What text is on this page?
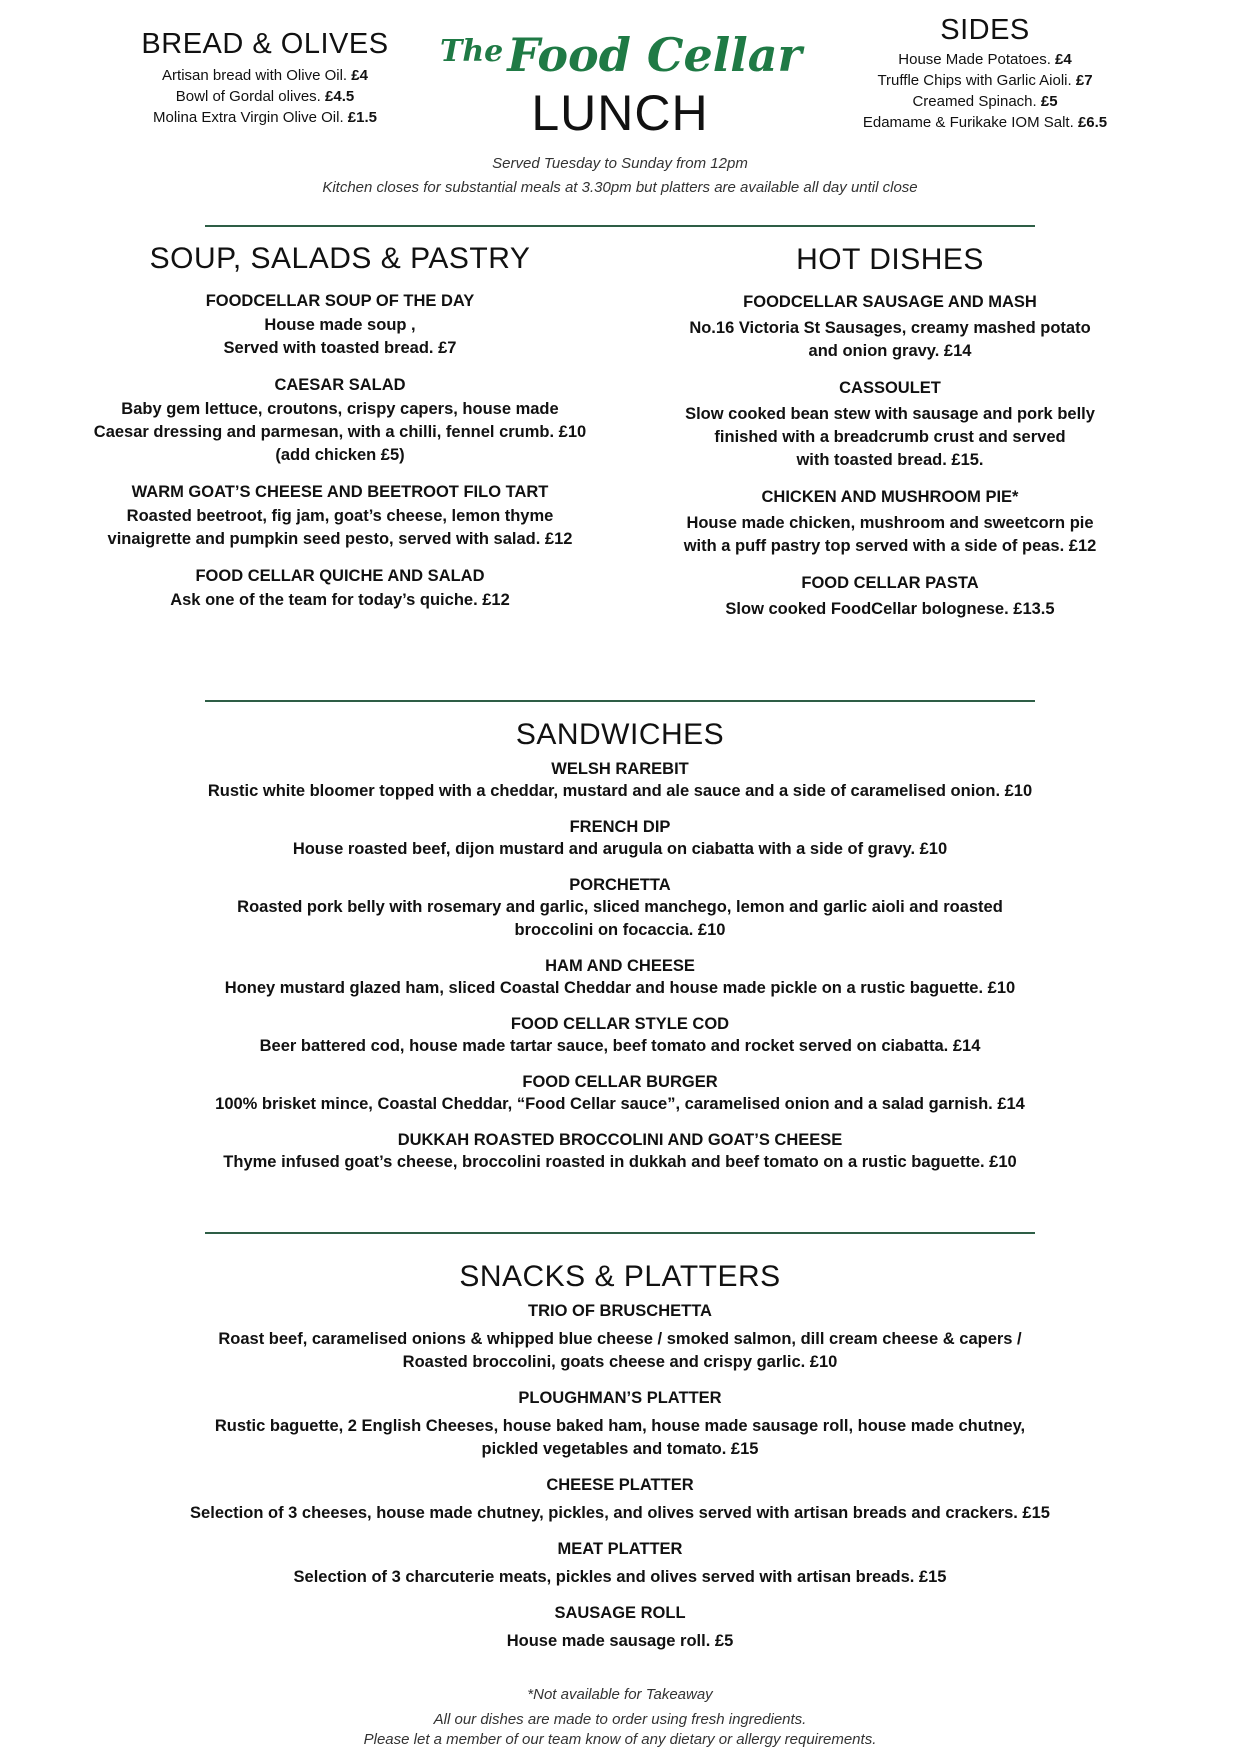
BREAD & OLIVES
Artisan bread with Olive Oil. £4
Bowl of Gordal olives. £4.5
Molina Extra Virgin Olive Oil. £1.5
$^{The}$Food Cellar
LUNCH
Served Tuesday to Sunday from 12pm
Kitchen closes for substantial meals at 3.30pm but platters are available all day until close
SIDES
House Made Potatoes. £4
Truffle Chips with Garlic Aioli. £7
Creamed Spinach. £5
Edamame & Furikake IOM Salt. £6.5
SOUP, SALADS & PASTRY
FOODCELLAR SOUP OF THE DAY
House made soup ,
Served with toasted bread. £7
CAESAR SALAD
Baby gem lettuce, croutons, crispy capers, house made
Caesar dressing and parmesan, with a chilli, fennel crumb. £10
(add chicken £5)
WARM GOAT’S CHEESE AND BEETROOT FILO TART
Roasted beetroot, fig jam, goat’s cheese, lemon thyme
vinaigrette and pumpkin seed pesto, served with salad. £12
FOOD CELLAR QUICHE AND SALAD
Ask one of the team for today’s quiche. £12
HOT DISHES
FOODCELLAR SAUSAGE AND MASH
No.16 Victoria St Sausages, creamy mashed potato
and onion gravy. £14
CASSOULET
Slow cooked bean stew with sausage and pork belly
finished with a breadcrumb crust and served
with toasted bread. £15.
CHICKEN AND MUSHROOM PIE*
House made chicken, mushroom and sweetcorn pie
with a puff pastry top served with a side of peas. £12
FOOD CELLAR PASTA
Slow cooked FoodCellar bolognese. £13.5
SANDWICHES
WELSH RAREBIT
Rustic white bloomer topped with a cheddar, mustard and ale sauce and a side of caramelised onion. £10
FRENCH DIP
House roasted beef, dijon mustard and arugula on ciabatta with a side of gravy. £10
PORCHETTA
Roasted pork belly with rosemary and garlic, sliced manchego, lemon and garlic aioli and roasted
broccolini on focaccia. £10
HAM AND CHEESE
Honey mustard glazed ham, sliced Coastal Cheddar and house made pickle on a rustic baguette. £10
FOOD CELLAR STYLE COD
Beer battered cod, house made tartar sauce, beef tomato and rocket served on ciabatta. £14
FOOD CELLAR BURGER
100% brisket mince, Coastal Cheddar, “Food Cellar sauce”, caramelised onion and a salad garnish. £14
DUKKAH ROASTED BROCCOLINI AND GOAT’S CHEESE
Thyme infused goat’s cheese, broccolini roasted in dukkah and beef tomato on a rustic baguette. £10
SNACKS & PLATTERS
TRIO OF BRUSCHETTA
Roast beef, caramelised onions & whipped blue cheese / smoked salmon, dill cream cheese & capers /
Roasted broccolini, goats cheese and crispy garlic. £10
PLOUGHMAN’S PLATTER
Rustic baguette, 2 English Cheeses, house baked ham, house made sausage roll, house made chutney,
pickled vegetables and tomato. £15
CHEESE PLATTER
Selection of 3 cheeses, house made chutney, pickles, and olives served with artisan breads and crackers. £15
MEAT PLATTER
Selection of 3 charcuterie meats, pickles and olives served with artisan breads. £15
SAUSAGE ROLL
House made sausage roll. £5
*Not available for Takeaway
All our dishes are made to order using fresh ingredients.
Please let a member of our team know of any dietary or allergy requirements.
